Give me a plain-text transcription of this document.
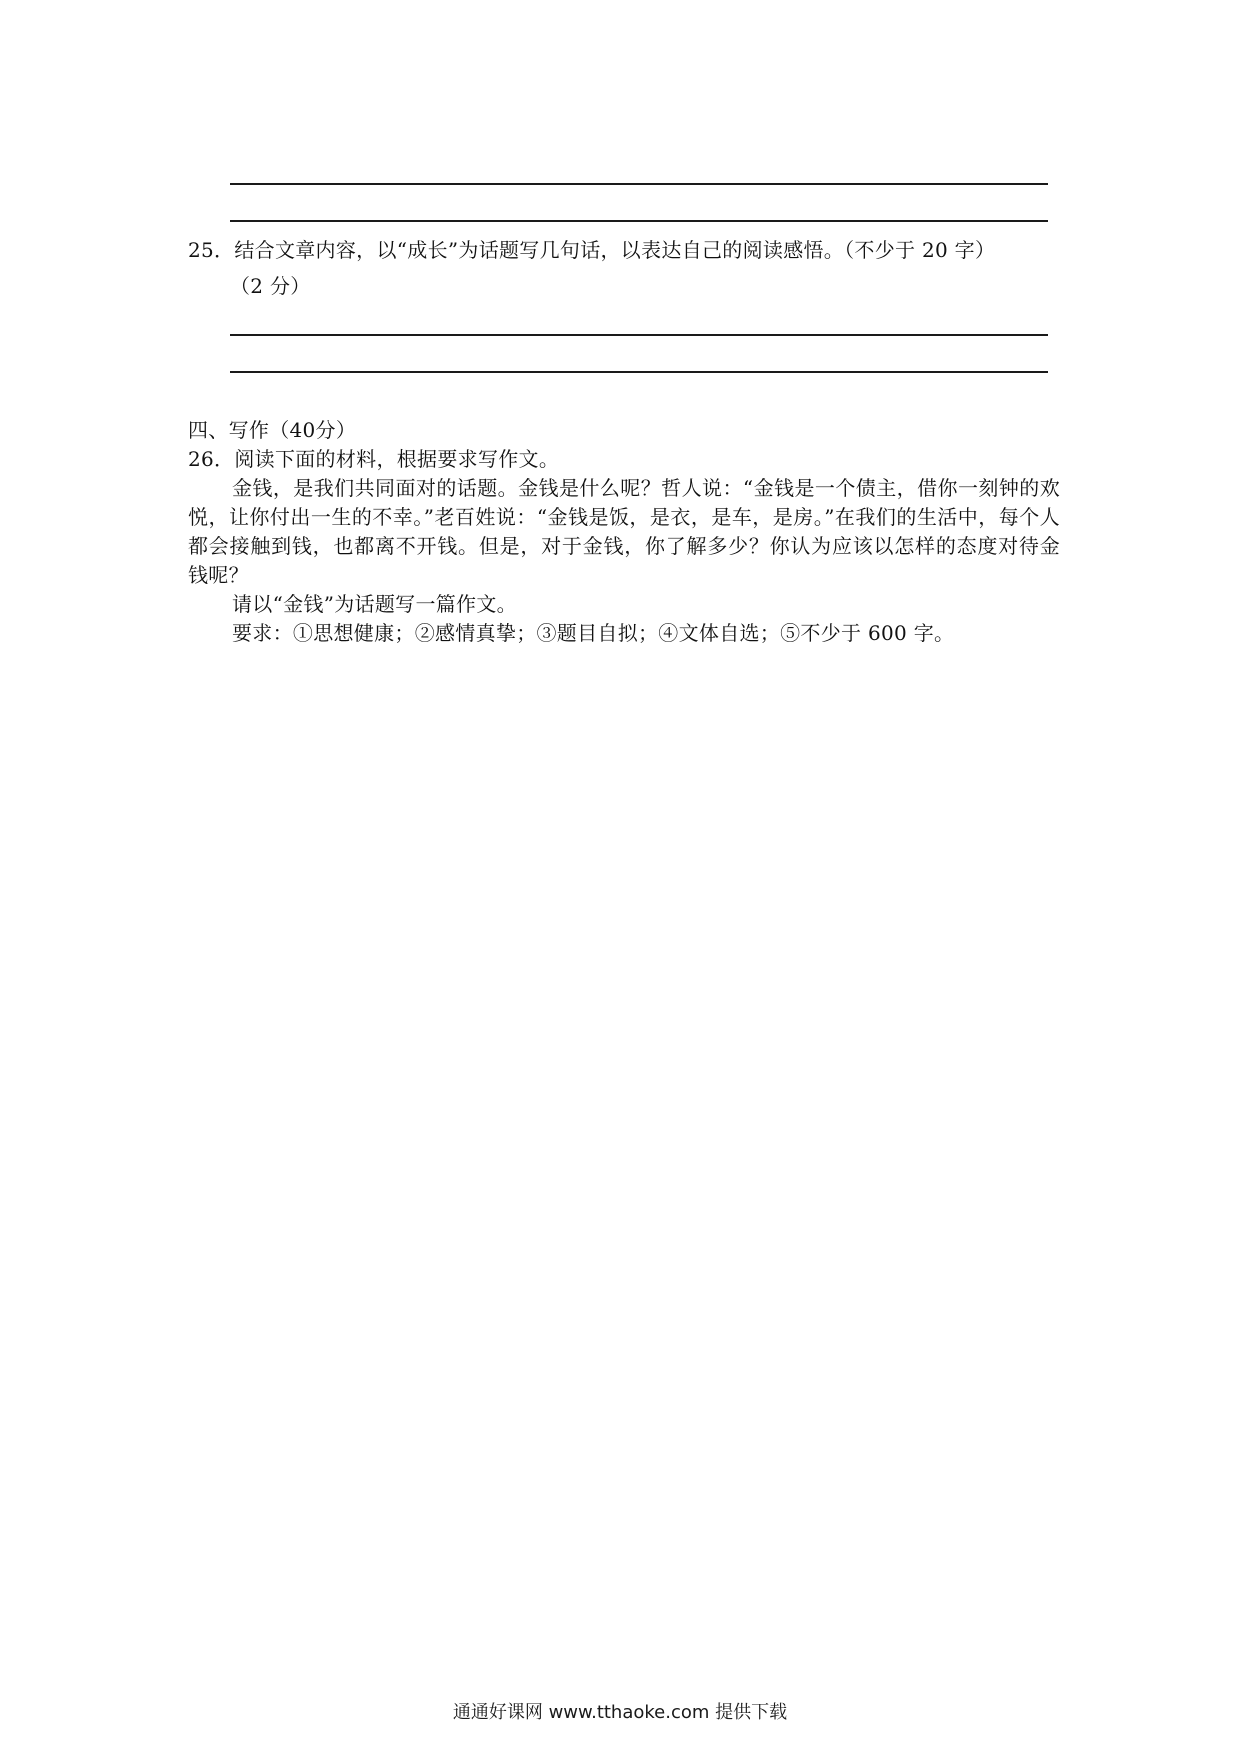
25．结合文章内容，以“成长”为话题写几句话，以表达自己的阅读感悟。（不少于 20 字）
（2 分）
四、写作（40分）
26．阅读下面的材料，根据要求写作文。
金钱，是我们共同面对的话题。金钱是什么呢？哲人说：“金钱是一个债主，借你一刻钟的欢悦，让你付出一生的不幸。”老百姓说：“金钱是饭，是衣，是车，是房。”在我们的生活中，每个人都会接触到钱，也都离不开钱。但是，对于金钱，你了解多少？你认为应该以怎样的态度对待金钱呢？
请以“金钱”为话题写一篇作文。
要求：①思想健康；②感情真挚；③题目自拟；④文体自选；⑤不少于 600 字。
通通好课网 www.tthaoke.com 提供下载
